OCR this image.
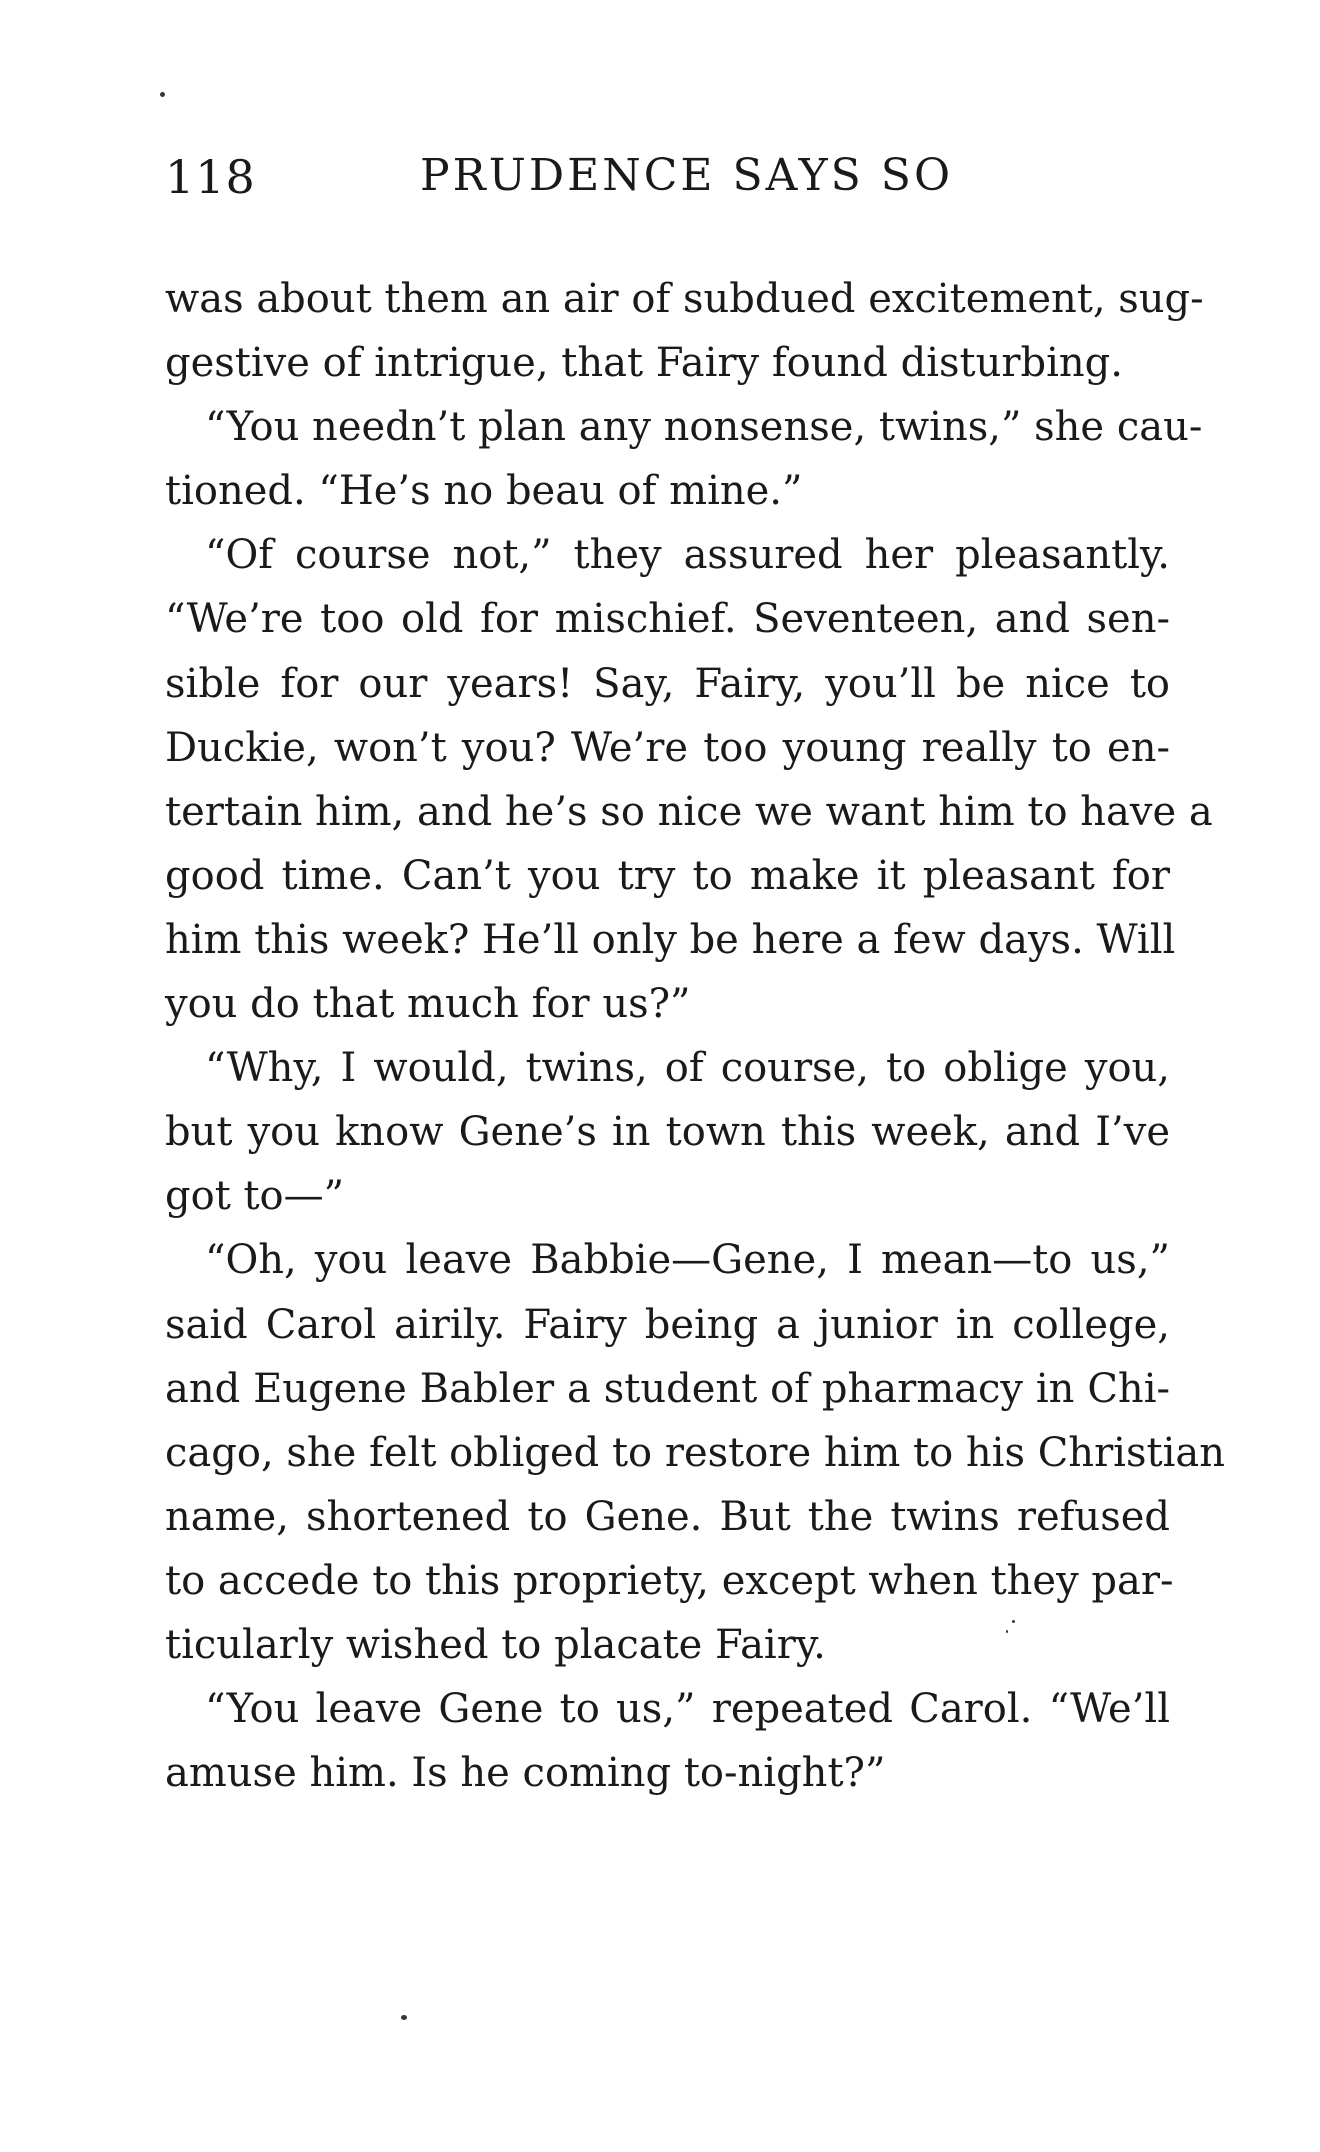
118	PRUDENCE SAYS SO
was about them an air of subdued excitement, sug-
gestive of intrigue, that Fairy found disturbing.
“You needn’t plan any nonsense, twins,” she cau-
tioned. “He’s no beau of mine.”
“Of course not,” they assured her pleasantly.
“We’re too old for mischief. Seventeen, and sen-
sible for our years! Say, Fairy, you’ll be nice to
Duckie, won’t you? We’re too young really to en-
tertain him, and he’s so nice we want him to have a
good time. Can’t you try to make it pleasant for
him this week? He’ll only be here a few days. Will
you do that much for us?”
“Why, I would, twins, of course, to oblige you,
but you know Gene’s in town this week, and I’ve
got to—”
“Oh, you leave Babbie—Gene, I mean—to us,”
said Carol airily. Fairy being a junior in college,
and Eugene Babler a student of pharmacy in Chi-
cago, she felt obliged to restore him to his Christian
name, shortened to Gene. But the twins refused
to accede to this propriety, except when they par-
ticularly wished to placate Fairy.
“You leave Gene to us,” repeated Carol. “We’ll
amuse him. Is he coming to-night?”
